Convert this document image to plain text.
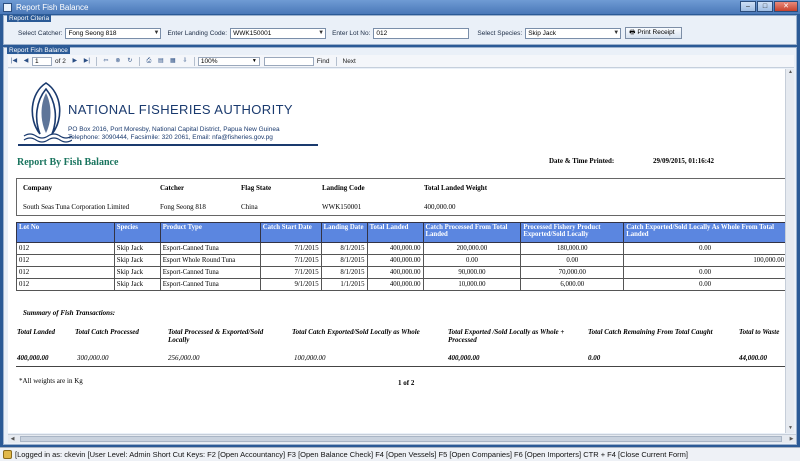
Report Fish Balance	–	□	✕
Report Citeria
Select Catcher: Fong Seong 818	▼ Enter Landing Code: WWK150001	▼ Enter Lot No: 012	Select Species: Skip Jack	▼ 🖶 Print Receipt
Report Fish Balance
|◀ ◀	1	of 2 ▶ ▶| ⇦ ⊗ ↻ ⎙ ▤ ▦ ⇩	100%	▼	Find Next
NATIONAL FISHERIES AUTHORITY
PO Box 2016, Port Moresby, National Capital District, Papua New Guinea
Telephone: 3090444, Facsimile: 320 2061, Email: nfa@fisheries.gov.pg
Report By Fish Balance	Date & Time Printed:	29/09/2015, 01:16:42
Company
South Seas Tuna Corporation Limited
Catcher
Fong Seong 818
Flag State
China
Landing Code
WWK150001
Total Landed Weight
400,000.00
Lot No	Species	Product Type	Catch Start Date	Landing Date	Total Landed	Catch Processed From Total Landed	Processed Fishery Product Exported/Sold Locally	Catch Exported/Sold Locally As Whole From Total Landed
012	Skip Jack	Esport-Canned Tuna	7/1/2015	8/1/2015	400,000.00	200,000.00	180,000.00	0.00
012	Skip Jack	Esport Whole Round Tuna	7/1/2015	8/1/2015	400,000.00	0.00	0.00	100,000.00
012	Skip Jack	Esport-Canned Tuna	7/1/2015	8/1/2015	400,000.00	90,000.00	70,000.00	0.00
012	Skip Jack	Esport-Canned Tuna	9/1/2015	1/1/2015	400,000.00	10,000.00	6,000.00	0.00
Summary of Fish Transactions:
Total Landed
400,000.00
Total Catch Processed
300,000.00
Total Processed & Exported/Sold Locally
256,000.00
Total Catch Exported/Sold Locally as Whole
100,000.00
Total Exported /Sold Locally as Whole + Processed
400,000.00
Total Catch Remaining From Total Caught
0.00
Total to Waste
44,000.00
*All weights are in Kg	1 of 2
▲
▼
◀	▶
[Logged in as: ckevin [User Level: Admin Short Cut Keys: F2 [Open Accountancy] F3 [Open Balance Check] F4 [Open Vessels] F5 [Open Companies] F6 [Open Importers] CTR + F4 [Close Current Form]
